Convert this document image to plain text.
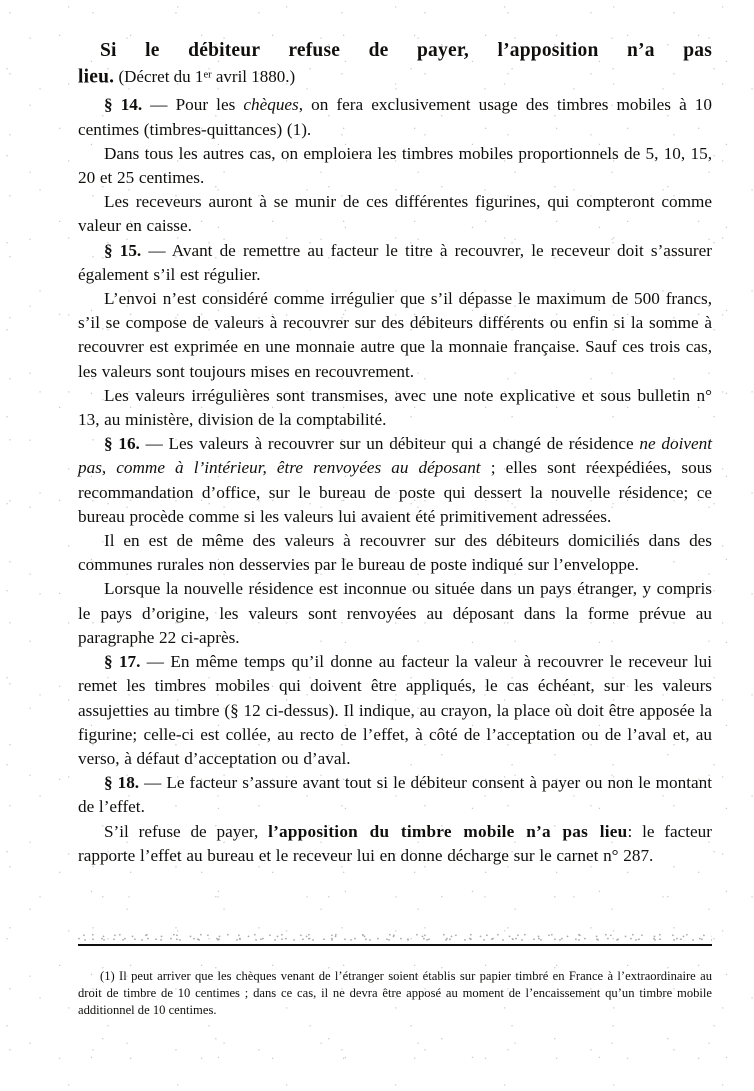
Si le débiteur refuse de payer, l’apposition n’a pas
lieu. (Décret du 1er avril 1880.)

§ 14. — Pour les chèques, on fera exclusivement usage des timbres mobiles à 10 centimes (timbres-quittances) (1).

Dans tous les autres cas, on emploiera les timbres mobiles proportionnels de 5, 10, 15, 20 et 25 centimes.

Les receveurs auront à se munir de ces différentes figurines, qui compteront comme valeur en caisse.

§ 15. — Avant de remettre au facteur le titre à recouvrer, le receveur doit s’assurer également s’il est régulier.

L’envoi n’est considéré comme irrégulier que s’il dépasse le maximum de 500 francs, s’il se compose de valeurs à recouvrer sur des débiteurs différents ou enfin si la somme à recouvrer est exprimée en une monnaie autre que la monnaie française. Sauf ces trois cas, les valeurs sont toujours mises en recouvrement.

Les valeurs irrégulières sont transmises, avec une note explicative et sous bulletin n° 13, au ministère, division de la comptabilité.

§ 16. — Les valeurs à recouvrer sur un débiteur qui a changé de résidence ne doivent pas, comme à l’intérieur, être renvoyées au déposant ; elles sont réexpédiées, sous recommandation d’office, sur le bureau de poste qui dessert la nouvelle résidence; ce bureau procède comme si les valeurs lui avaient été primitivement adressées.

Il en est de même des valeurs à recouvrer sur des débiteurs domiciliés dans des communes rurales non desservies par le bureau de poste indiqué sur l’enveloppe.

Lorsque la nouvelle résidence est inconnue ou située dans un pays étranger, y compris le pays d’origine, les valeurs sont renvoyées au déposant dans la forme prévue au paragraphe 22 ci-après.

§ 17. — En même temps qu’il donne au facteur la valeur à recouvrer le receveur lui remet les timbres mobiles qui doivent être appliqués, le cas échéant, sur les valeurs assujetties au timbre (§ 12 ci-dessus). Il indique, au crayon, la place où doit être apposée la figurine; celle-ci est collée, au recto de l’effet, à côté de l’acceptation ou de l’aval et, au verso, à défaut d’acceptation ou d’aval.

§ 18. — Le facteur s’assure avant tout si le débiteur consent à payer ou non le montant de l’effet.

S’il refuse de payer, l’apposition du timbre mobile n’a pas lieu: le facteur rapporte l’effet au bureau et le receveur lui en donne décharge sur le carnet n° 287.

(1) Il peut arriver que les chèques venant de l’étranger soient établis sur papier timbré en France à l’extraordinaire au droit de timbre de 10 centimes ; dans ce cas, il ne devra être apposé au moment de l’encaissement qu’un timbre mobile additionnel de 10 centimes.
